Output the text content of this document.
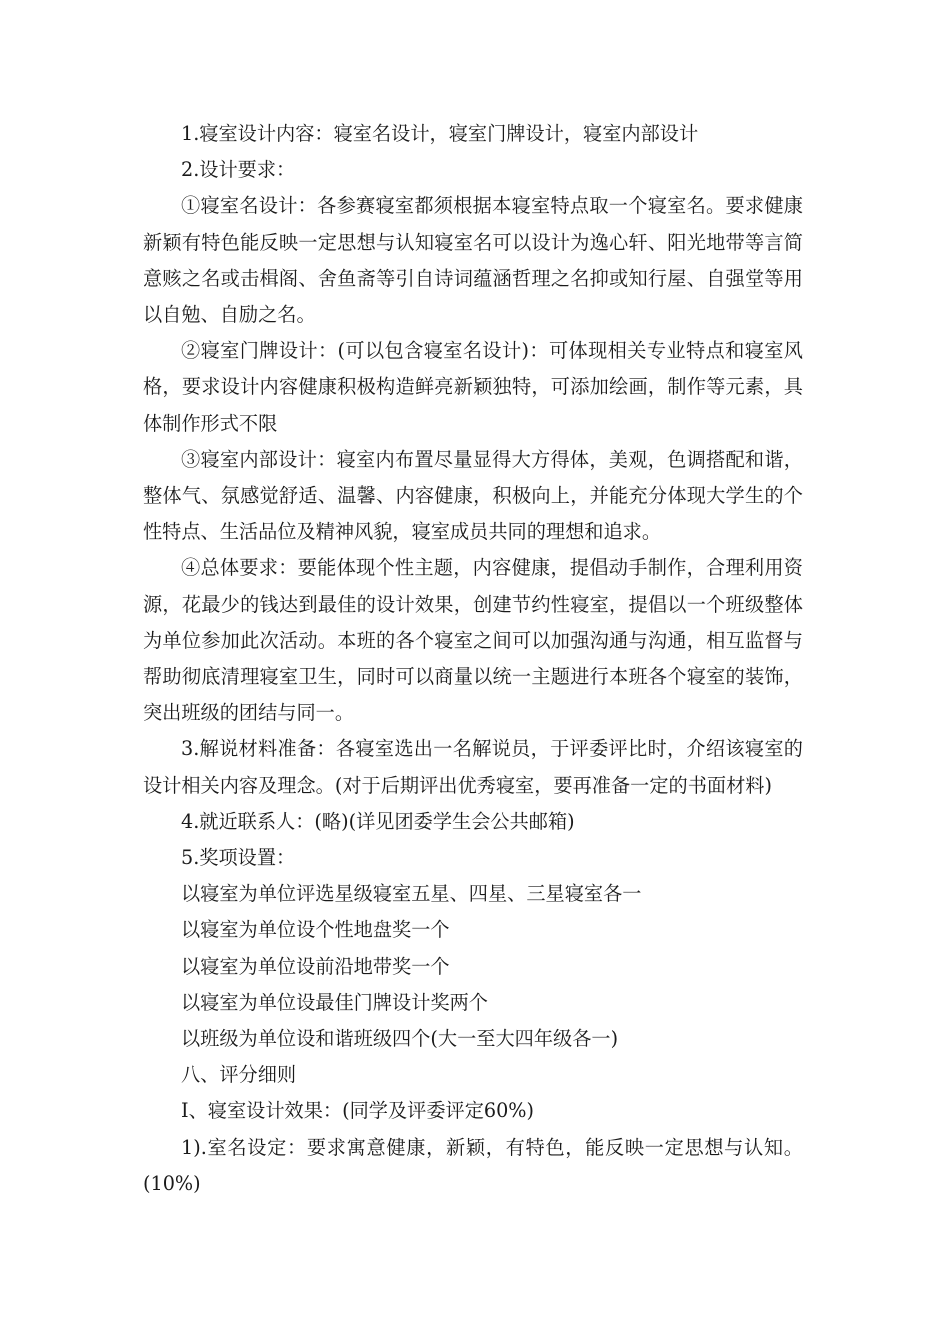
1.寝室设计内容：寝室名设计，寝室门牌设计，寝室内部设计

2.设计要求：

①寝室名设计：各参赛寝室都须根据本寝室特点取一个寝室名。要求健康新颖有特色能反映一定思想与认知寝室名可以设计为逸心轩、阳光地带等言简意赅之名或击楫阁、舍鱼斋等引自诗词蕴涵哲理之名抑或知行屋、自强堂等用以自勉、自励之名。

②寝室门牌设计：(可以包含寝室名设计)：可体现相关专业特点和寝室风格，要求设计内容健康积极构造鲜亮新颖独特，可添加绘画，制作等元素，具体制作形式不限

③寝室内部设计：寝室内布置尽量显得大方得体，美观，色调搭配和谐，整体气、氛感觉舒适、温馨、内容健康，积极向上，并能充分体现大学生的个性特点、生活品位及精神风貌，寝室成员共同的理想和追求。

④总体要求：要能体现个性主题，内容健康，提倡动手制作，合理利用资源，花最少的钱达到最佳的设计效果，创建节约性寝室，提倡以一个班级整体为单位参加此次活动。本班的各个寝室之间可以加强沟通与沟通，相互监督与帮助彻底清理寝室卫生，同时可以商量以统一主题进行本班各个寝室的装饰，突出班级的团结与同一。

3.解说材料准备：各寝室选出一名解说员，于评委评比时，介绍该寝室的设计相关内容及理念。(对于后期评出优秀寝室，要再准备一定的书面材料)

4.就近联系人：(略)(详见团委学生会公共邮箱)

5.奖项设置：

以寝室为单位评选星级寝室五星、四星、三星寝室各一

以寝室为单位设个性地盘奖一个

以寝室为单位设前沿地带奖一个

以寝室为单位设最佳门牌设计奖两个

以班级为单位设和谐班级四个(大一至大四年级各一)

八、评分细则

Ⅰ、寝室设计效果：(同学及评委评定60%)

1).室名设定：要求寓意健康，新颖，有特色，能反映一定思想与认知。(10%)
